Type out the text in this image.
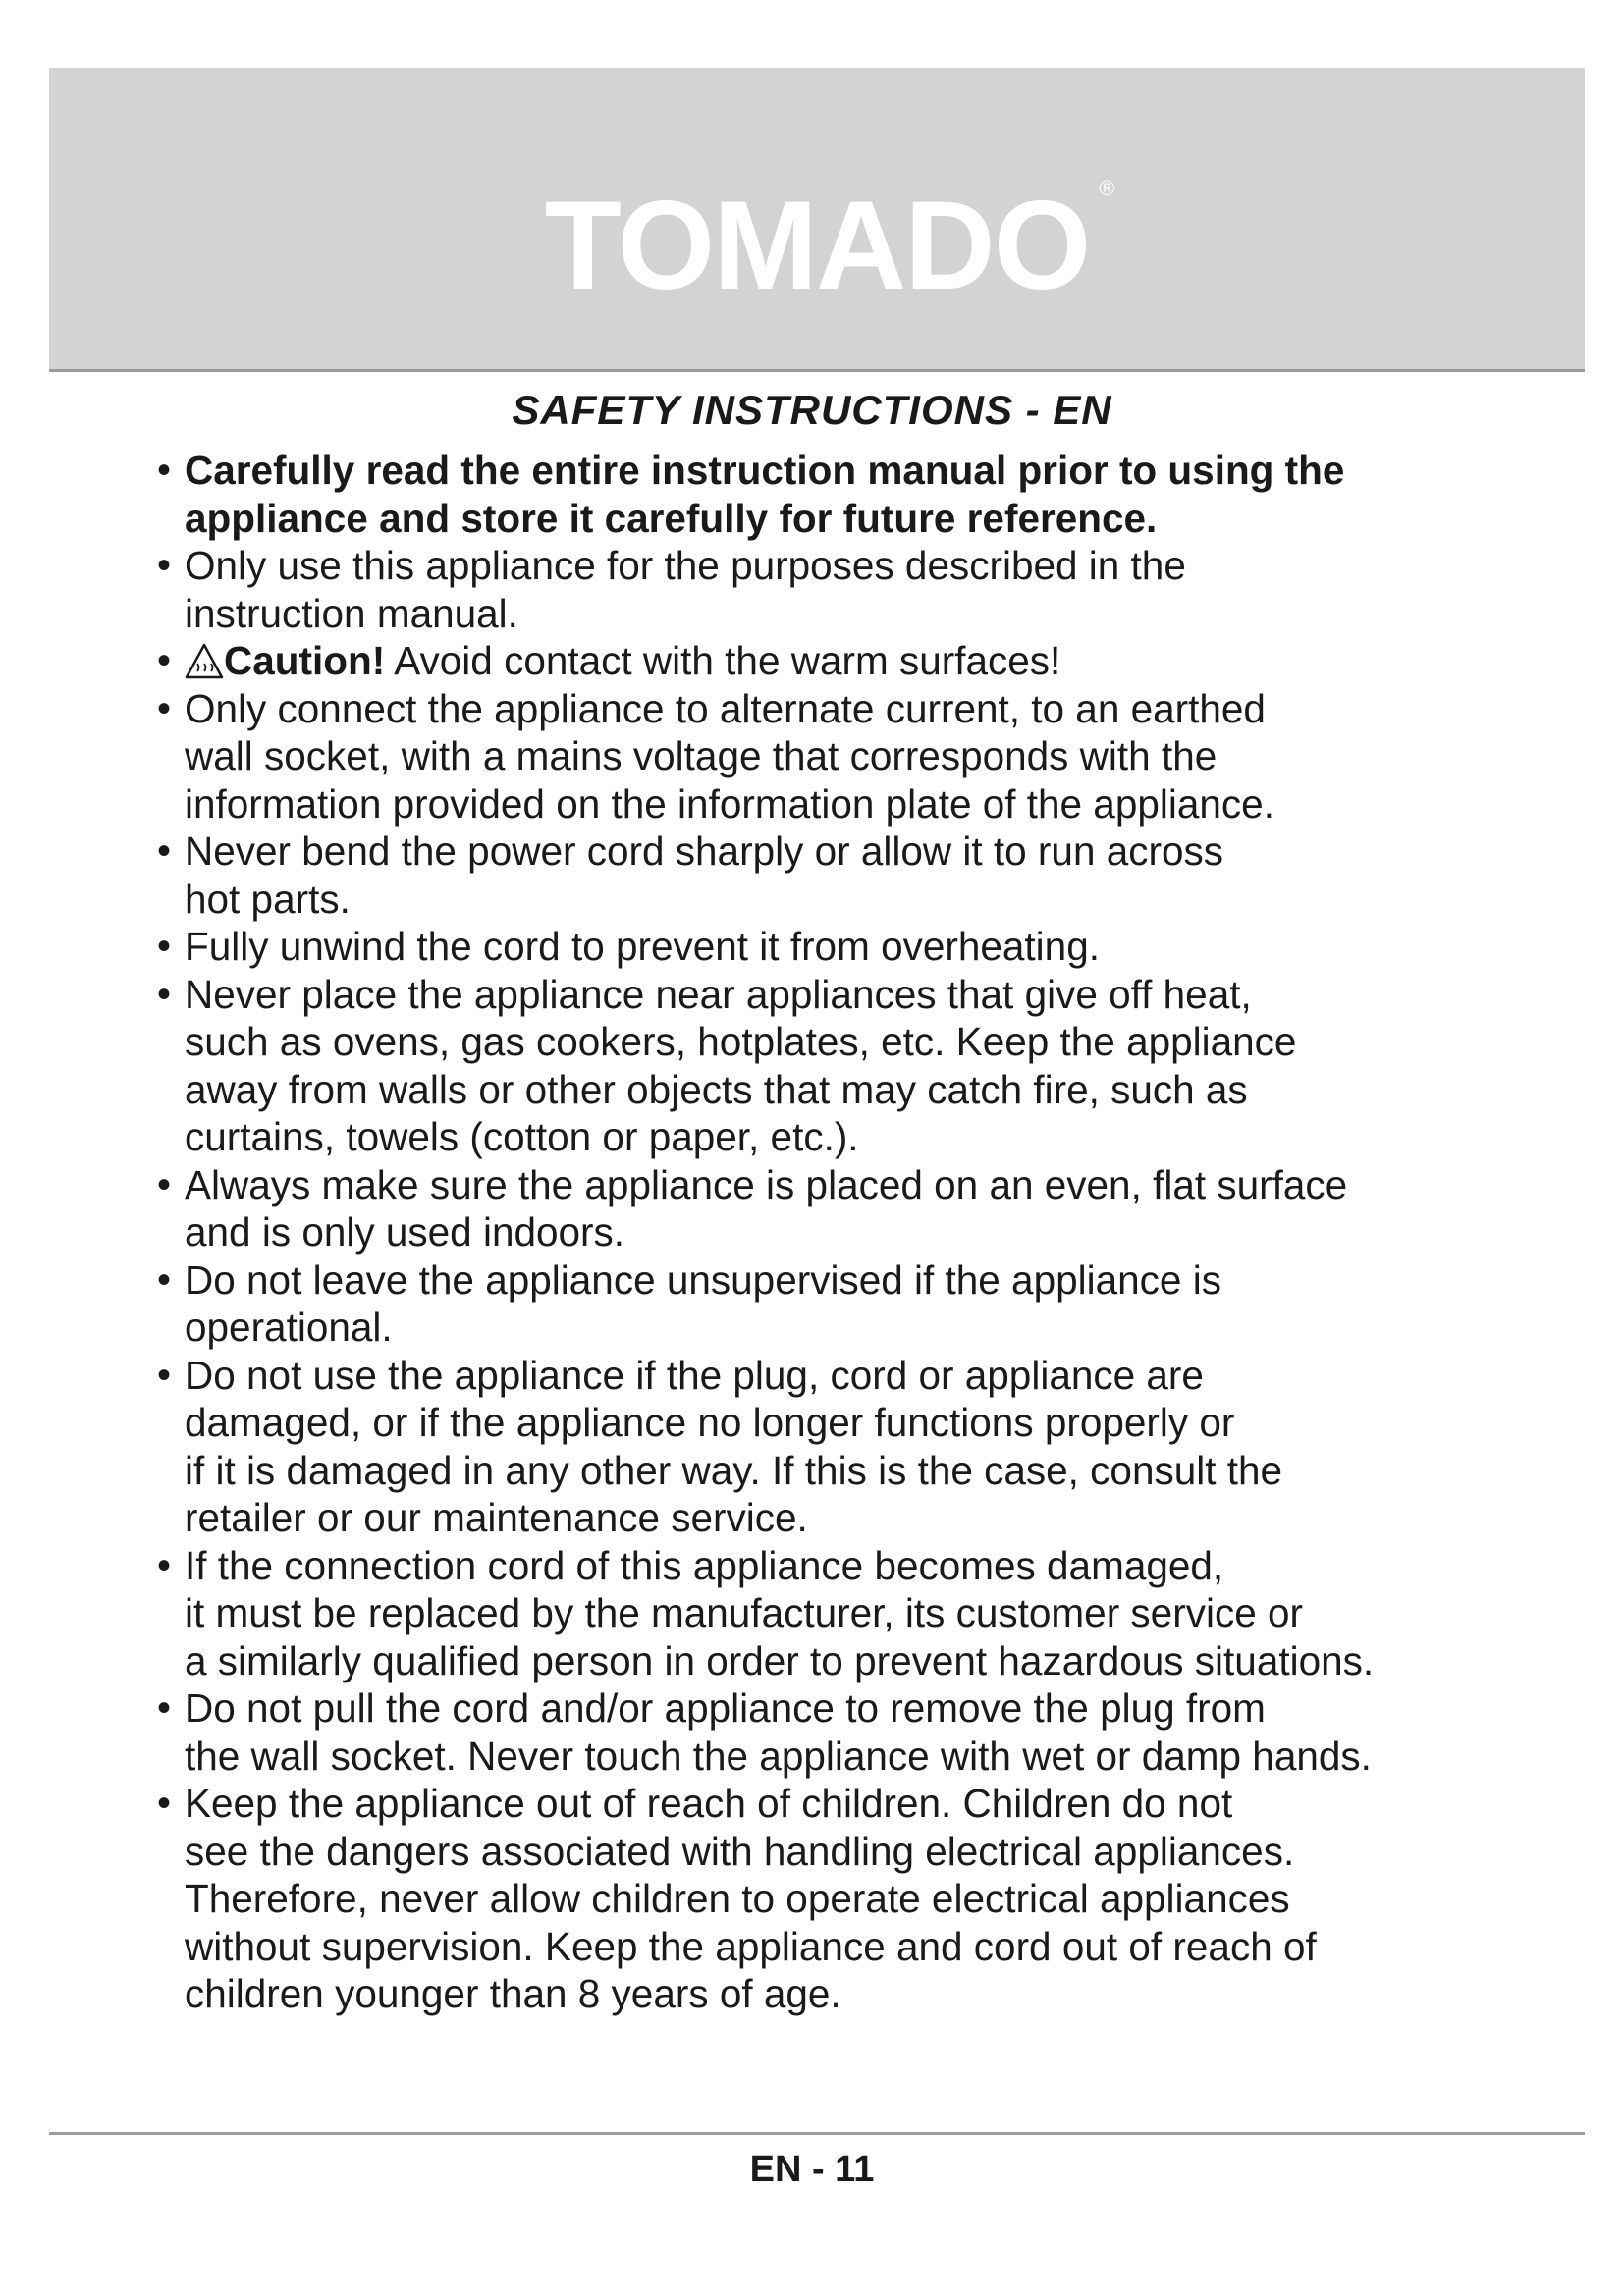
TOMADO ®
SAFETY INSTRUCTIONS - EN
• Carefully read the entire instruction manual prior to using the
appliance and store it carefully for future reference.
• Only use this appliance for the purposes described in the
instruction manual.
•	Caution! Avoid contact with the warm surfaces!
• Only connect the appliance to alternate current, to an earthed
wall socket, with a mains voltage that corresponds with the
information provided on the information plate of the appliance.
• Never bend the power cord sharply or allow it to run across
hot parts.
• Fully unwind the cord to prevent it from overheating.
• Never place the appliance near appliances that give off heat,
such as ovens, gas cookers, hotplates, etc. Keep the appliance
away from walls or other objects that may catch fire, such as
curtains, towels (cotton or paper, etc.).
• Always make sure the appliance is placed on an even, flat surface
and is only used indoors.
• Do not leave the appliance unsupervised if the appliance is
operational.
• Do not use the appliance if the plug, cord or appliance are
damaged, or if the appliance no longer functions properly or
if it is damaged in any other way. If this is the case, consult the
retailer or our maintenance service.
• If the connection cord of this appliance becomes damaged,
it must be replaced by the manufacturer, its customer service or
a similarly qualified person in order to prevent hazardous situations.
• Do not pull the cord and/or appliance to remove the plug from
the wall socket. Never touch the appliance with wet or damp hands.
• Keep the appliance out of reach of children. Children do not
see the dangers associated with handling electrical appliances.
Therefore, never allow children to operate electrical appliances
without supervision. Keep the appliance and cord out of reach of
children younger than 8 years of age.
EN - 11
